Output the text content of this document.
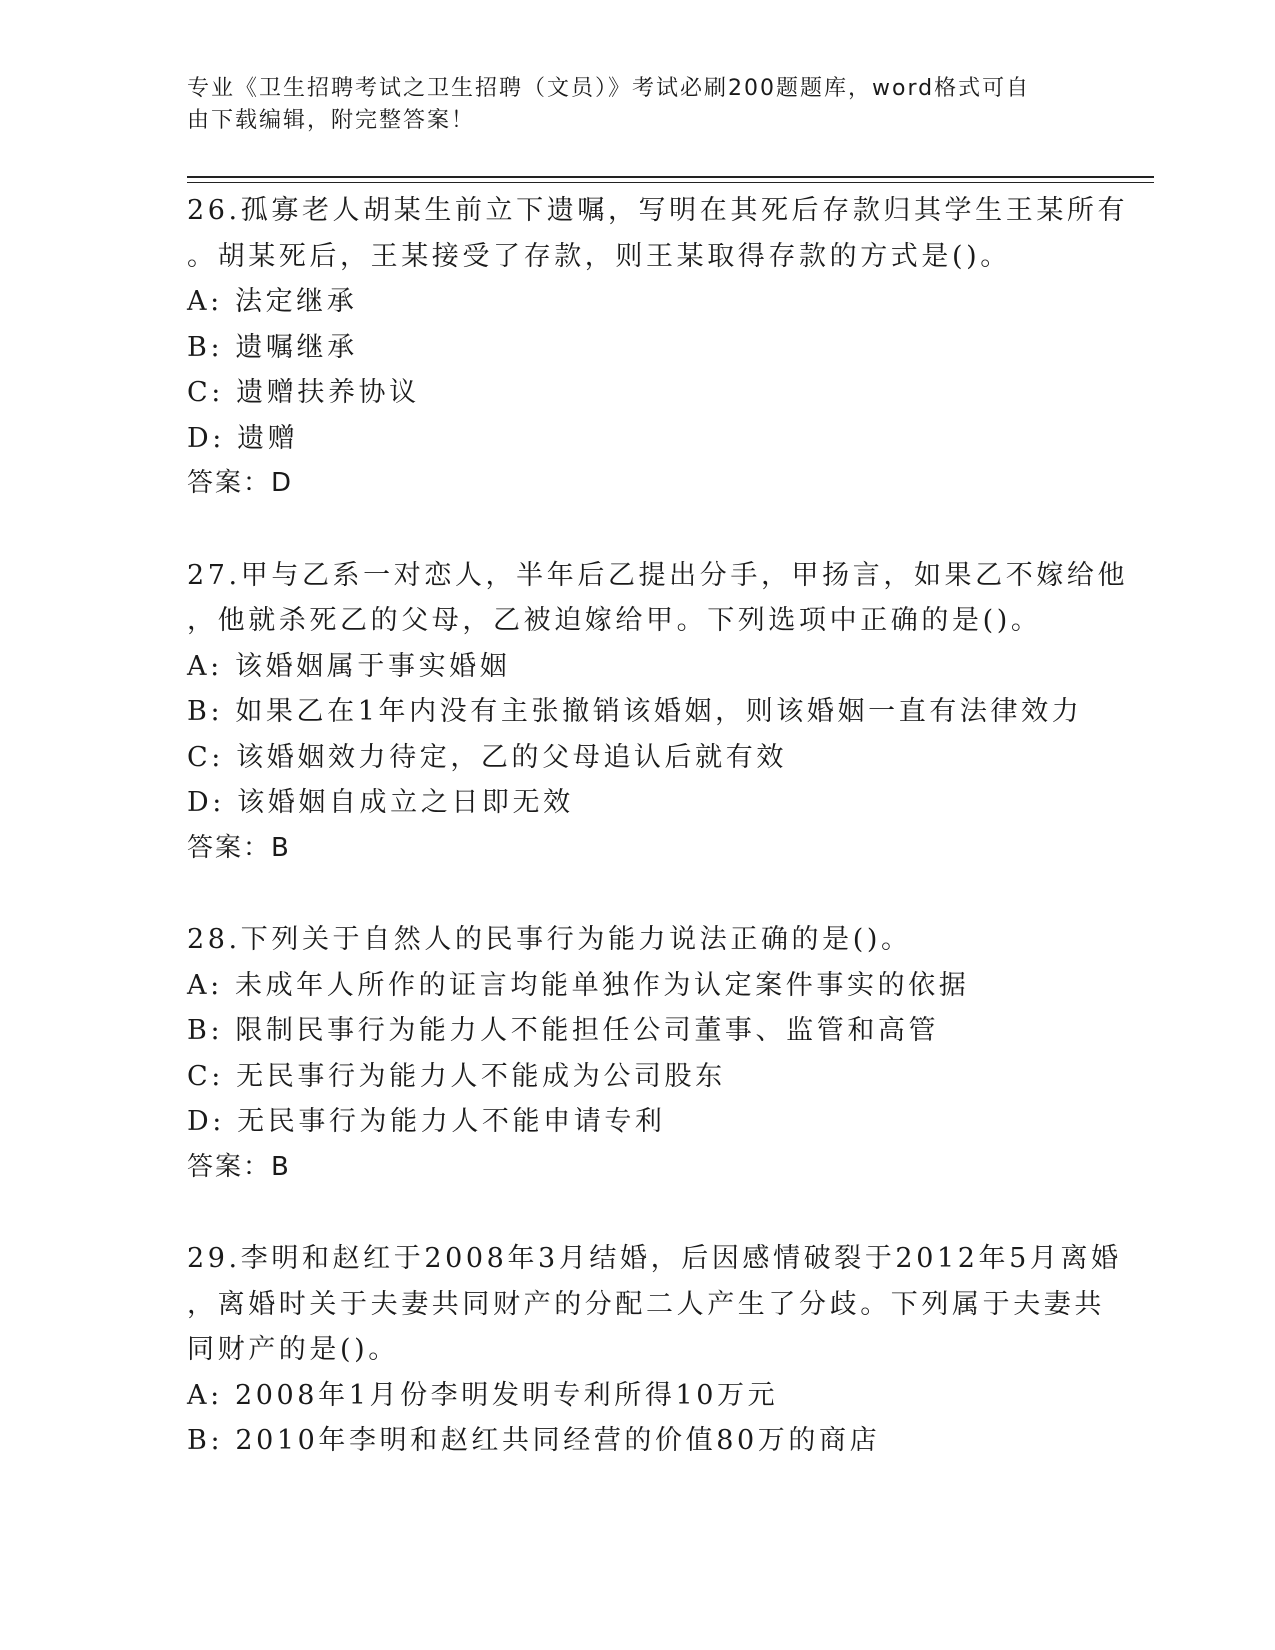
专业《卫生招聘考试之卫生招聘（文员）》考试必刷200题题库，word格式可自
由下载编辑，附完整答案！
26.孤寡老人胡某生前立下遗嘱，写明在其死后存款归其学生王某所有
。胡某死后，王某接受了存款，则王某取得存款的方式是()。
A: 法定继承
B: 遗嘱继承
C: 遗赠扶养协议
D: 遗赠
答案：D
27.甲与乙系一对恋人，半年后乙提出分手，甲扬言，如果乙不嫁给他
，他就杀死乙的父母，乙被迫嫁给甲。下列选项中正确的是()。
A: 该婚姻属于事实婚姻
B: 如果乙在1年内没有主张撤销该婚姻，则该婚姻一直有法律效力
C: 该婚姻效力待定，乙的父母追认后就有效
D: 该婚姻自成立之日即无效
答案：B
28.下列关于自然人的民事行为能力说法正确的是()。
A: 未成年人所作的证言均能单独作为认定案件事实的依据
B: 限制民事行为能力人不能担任公司董事、监管和高管
C: 无民事行为能力人不能成为公司股东
D: 无民事行为能力人不能申请专利
答案：B
29.李明和赵红于2008年3月结婚，后因感情破裂于2012年5月离婚
，离婚时关于夫妻共同财产的分配二人产生了分歧。下列属于夫妻共
同财产的是()。
A: 2008年1月份李明发明专利所得10万元
B: 2010年李明和赵红共同经营的价值80万的商店
